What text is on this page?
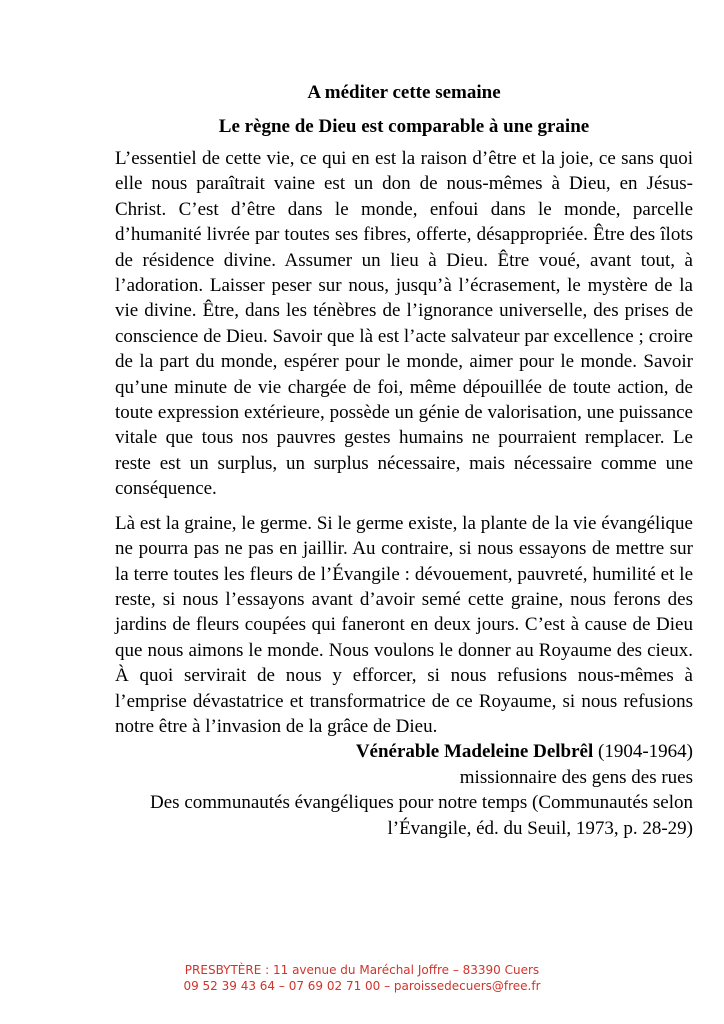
A méditer cette semaine

Le règne de Dieu est comparable à une graine

L’essentiel de cette vie, ce qui en est la raison d’être et la joie, ce sans quoi elle nous paraîtrait vaine est un don de nous-mêmes à Dieu, en Jésus-Christ. C’est d’être dans le monde, enfoui dans le monde, parcelle d’humanité livrée par toutes ses fibres, offerte, désappropriée. Être des îlots de résidence divine. Assumer un lieu à Dieu. Être voué, avant tout, à l’adoration. Laisser peser sur nous, jusqu’à l’écrasement, le mystère de la vie divine. Être, dans les ténèbres de l’ignorance universelle, des prises de conscience de Dieu. Savoir que là est l’acte salvateur par excellence ; croire de la part du monde, espérer pour le monde, aimer pour le monde. Savoir qu’une minute de vie chargée de foi, même dépouillée de toute action, de toute expression extérieure, possède un génie de valorisation, une puissance vitale que tous nos pauvres gestes humains ne pourraient remplacer. Le reste est un surplus, un surplus nécessaire, mais nécessaire comme une conséquence.

Là est la graine, le germe. Si le germe existe, la plante de la vie évangélique ne pourra pas ne pas en jaillir. Au contraire, si nous essayons de mettre sur la terre toutes les fleurs de l’Évangile : dévouement, pauvreté, humilité et le reste, si nous l’essayons avant d’avoir semé cette graine, nous ferons des jardins de fleurs coupées qui faneront en deux jours. C’est à cause de Dieu que nous aimons le monde. Nous voulons le donner au Royaume des cieux. À quoi servirait de nous y efforcer, si nous refusions nous-mêmes à l’emprise dévastatrice et transformatrice de ce Royaume, si nous refusions notre être à l’invasion de la grâce de Dieu.

Vénérable Madeleine Delbrêl (1904-1964)

missionnaire des gens des rues

Des communautés évangéliques pour notre temps (Communautés selon

l’Évangile, éd. du Seuil, 1973, p. 28-29)

PRESBYTÈRE : 11 avenue du Maréchal Joffre – 83390 Cuers
09 52 39 43 64 – 07 69 02 71 00 – paroissedecuers@free.fr
